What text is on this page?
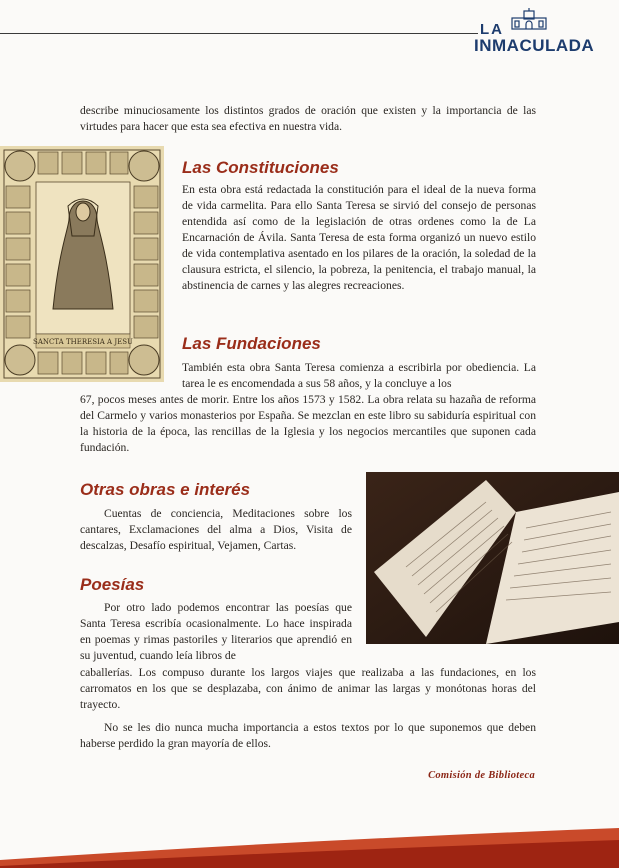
LA
INMACULADA

describe minuciosamente los distintos grados de oración que existen y la importancia de las virtudes para hacer que esta sea efectiva en nuestra vida.

SANCTA THERESIA A JESU
Las Constituciones

En esta obra está redactada la constitución para el ideal de la nueva forma de vida carmelita. Para ello Santa Teresa se sirvió del consejo de personas entendida así como de la legislación de otras ordenes como la de La Encarnación de Ávila. Santa Teresa de esta forma organizó un nuevo estilo de vida contemplativa asentado en los pilares de la oración, la soledad de la clausura estricta, el silencio, la pobreza, la penitencia, el trabajo manual, la abstinencia de carnes y las alegres recreaciones.

Las Fundaciones

También esta obra Santa Teresa comienza a escribirla por obediencia. La tarea le es encomendada a sus 58 años, y la concluye a los

67, pocos meses antes de morir. Entre los años 1573 y 1582. La obra relata su hazaña de reforma del Carmelo y varios monasterios por España. Se mezclan en este libro su sabiduría espiritual con la historia de la época, las rencillas de la Iglesia y los negocios mercantiles que suponen cada fundación.

Otras obras e interés

Cuentas de conciencia, Meditaciones sobre los cantares, Exclamaciones del alma a Dios, Visita de descalzas, Desafío espiritual, Vejamen, Cartas.

Poesías

Por otro lado podemos encontrar las poesías que Santa Teresa escribía ocasionalmente. Lo hace inspirada en poemas y rimas pastoriles y literarios que aprendió en su juventud, cuando leía libros de

caballerías. Los compuso durante los largos viajes que realizaba a las fundaciones, en los carromatos en los que se desplazaba, con ánimo de animar las largas y monótonas horas del trayecto.

No se les dio nunca mucha importancia a estos textos por lo que suponemos que deben haberse perdido la gran mayoría de ellos.

Comisión de Biblioteca
